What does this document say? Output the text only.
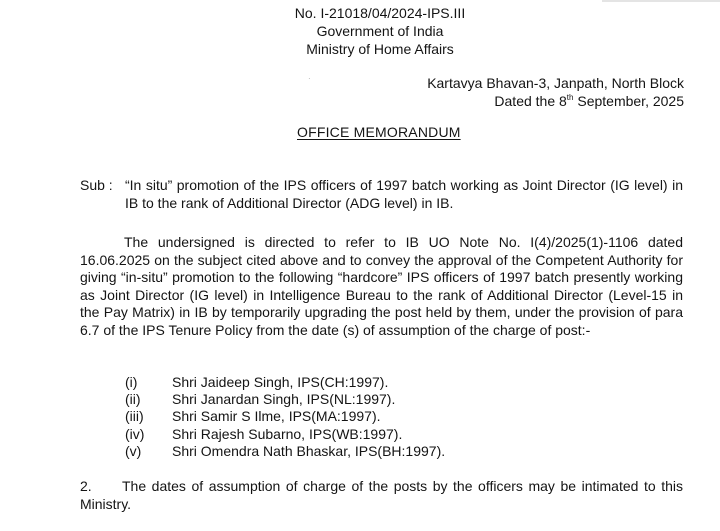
No. I-21018/04/2024-IPS.III
Government of India
Ministry of Home Affairs
∙	Kartavya Bhavan-3, Janpath, North Block
Dated the 8th September, 2025
OFFICE MEMORANDUM
Sub : “In situ” promotion of the IPS officers of 1997 batch working as Joint Director (IG level) in IB to the rank of Additional Director (ADG level) in IB.
The undersigned is directed to refer to IB UO Note No. I(4)/2025(1)-1106 dated 16.06.2025 on the subject cited above and to convey the approval of the Competent Authority for giving “in-situ” promotion to the following “hardcore” IPS officers of 1997 batch presently working as Joint Director (IG level) in Intelligence Bureau to the rank of Additional Director (Level-15 in the Pay Matrix) in IB by temporarily upgrading the post held by them, under the provision of para 6.7 of the IPS Tenure Policy from the date (s) of assumption of the charge of post:-
(i) Shri Jaideep Singh, IPS(CH:1997).
(ii) Shri Janardan Singh, IPS(NL:1997).
(iii) Shri Samir S Ilme, IPS(MA:1997).
(iv) Shri Rajesh Subarno, IPS(WB:1997).
(v) Shri Omendra Nath Bhaskar, IPS(BH:1997).
2.	The dates of assumption of charge of the posts by the officers may be intimated to this Ministry.
